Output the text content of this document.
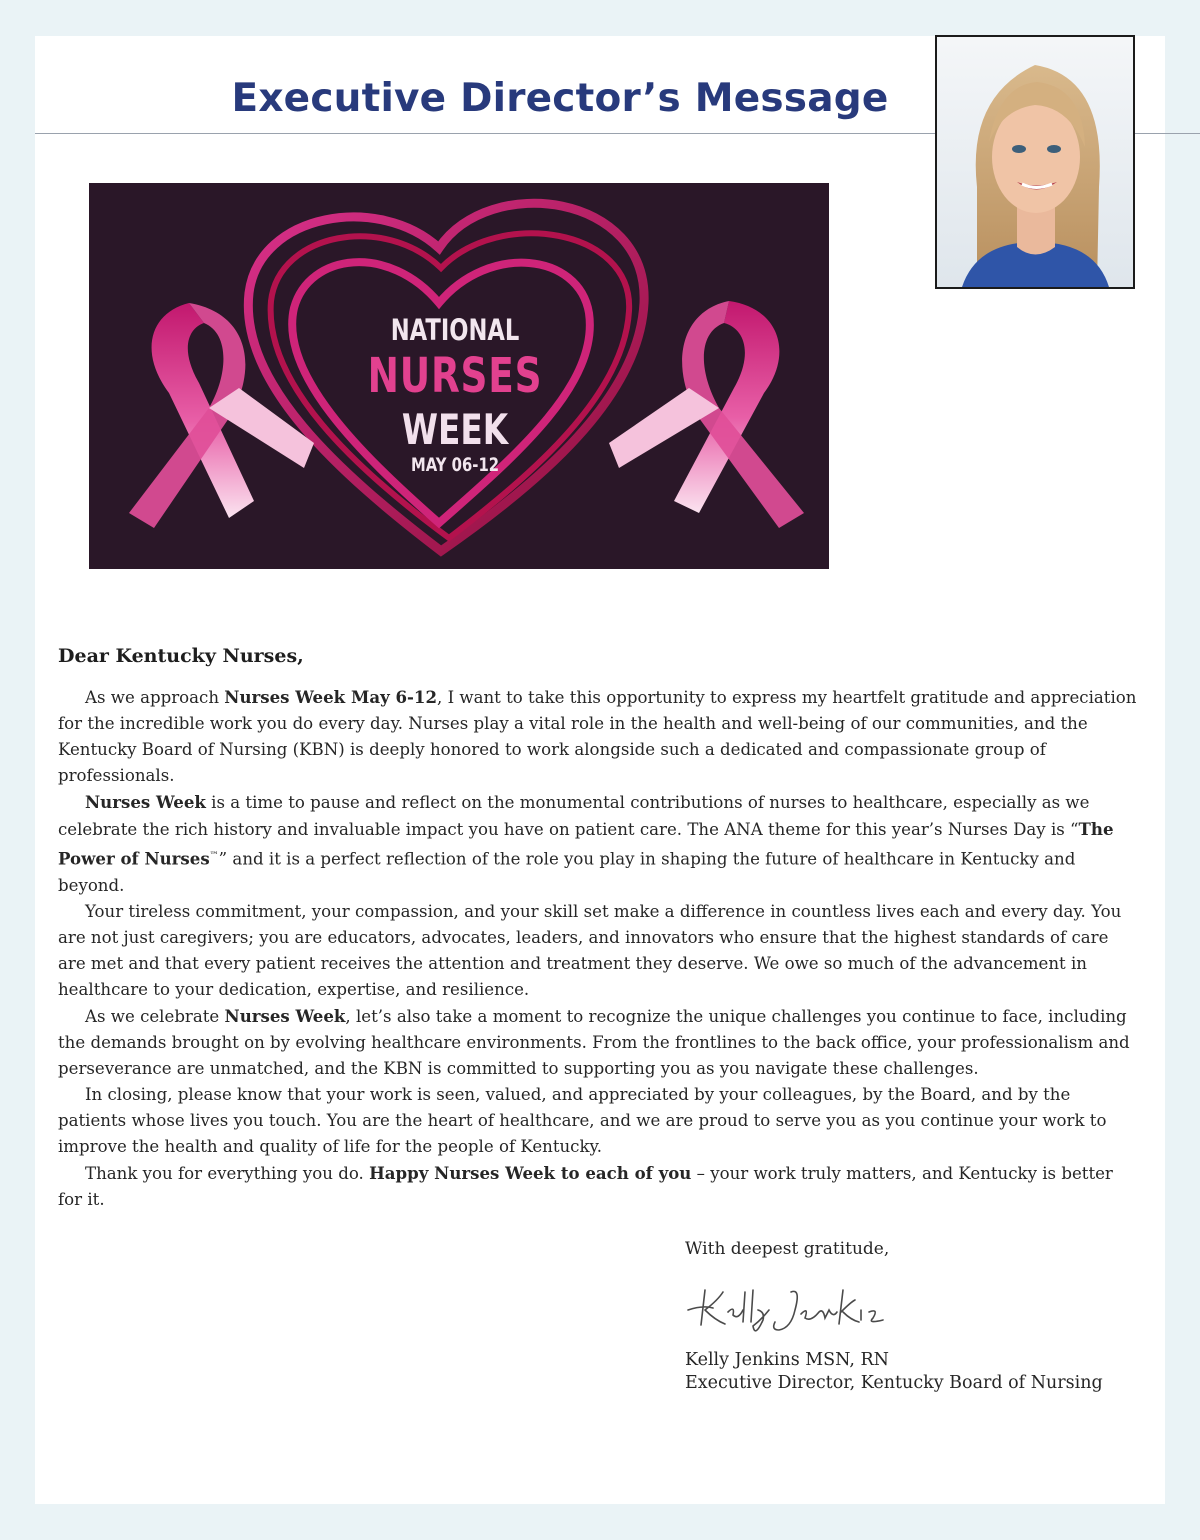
Executive Director’s Message
NATIONAL
NURSES
WEEK
MAY 06-12
Dear Kentucky Nurses,

As we approach Nurses Week May 6-12, I want to take this opportunity to express my heartfelt gratitude and appreciation for the incredible work you do every day. Nurses play a vital role in the health and well-being of our communities, and the Kentucky Board of Nursing (KBN) is deeply honored to work alongside such a dedicated and compassionate group of professionals.

Nurses Week is a time to pause and reflect on the monumental contributions of nurses to healthcare, especially as we celebrate the rich history and invaluable impact you have on patient care. The ANA theme for this year’s Nurses Day is “The Power of Nurses™” and it is a perfect reflection of the role you play in shaping the future of healthcare in Kentucky and beyond.

Your tireless commitment, your compassion, and your skill set make a difference in countless lives each and every day. You are not just caregivers; you are educators, advocates, leaders, and innovators who ensure that the highest standards of care are met and that every patient receives the attention and treatment they deserve. We owe so much of the advancement in healthcare to your dedication, expertise, and resilience.

As we celebrate Nurses Week, let’s also take a moment to recognize the unique challenges you continue to face, including the demands brought on by evolving healthcare environments. From the frontlines to the back office, your professionalism and perseverance are unmatched, and the KBN is committed to supporting you as you navigate these challenges.

In closing, please know that your work is seen, valued, and appreciated by your colleagues, by the Board, and by the patients whose lives you touch. You are the heart of healthcare, and we are proud to serve you as you continue your work to improve the health and quality of life for the people of Kentucky.

Thank you for everything you do. Happy Nurses Week to each of you – your work truly matters, and Kentucky is better for it.

With deepest gratitude,
Kelly Jenkins MSN, RN
Executive Director, Kentucky Board of Nursing
